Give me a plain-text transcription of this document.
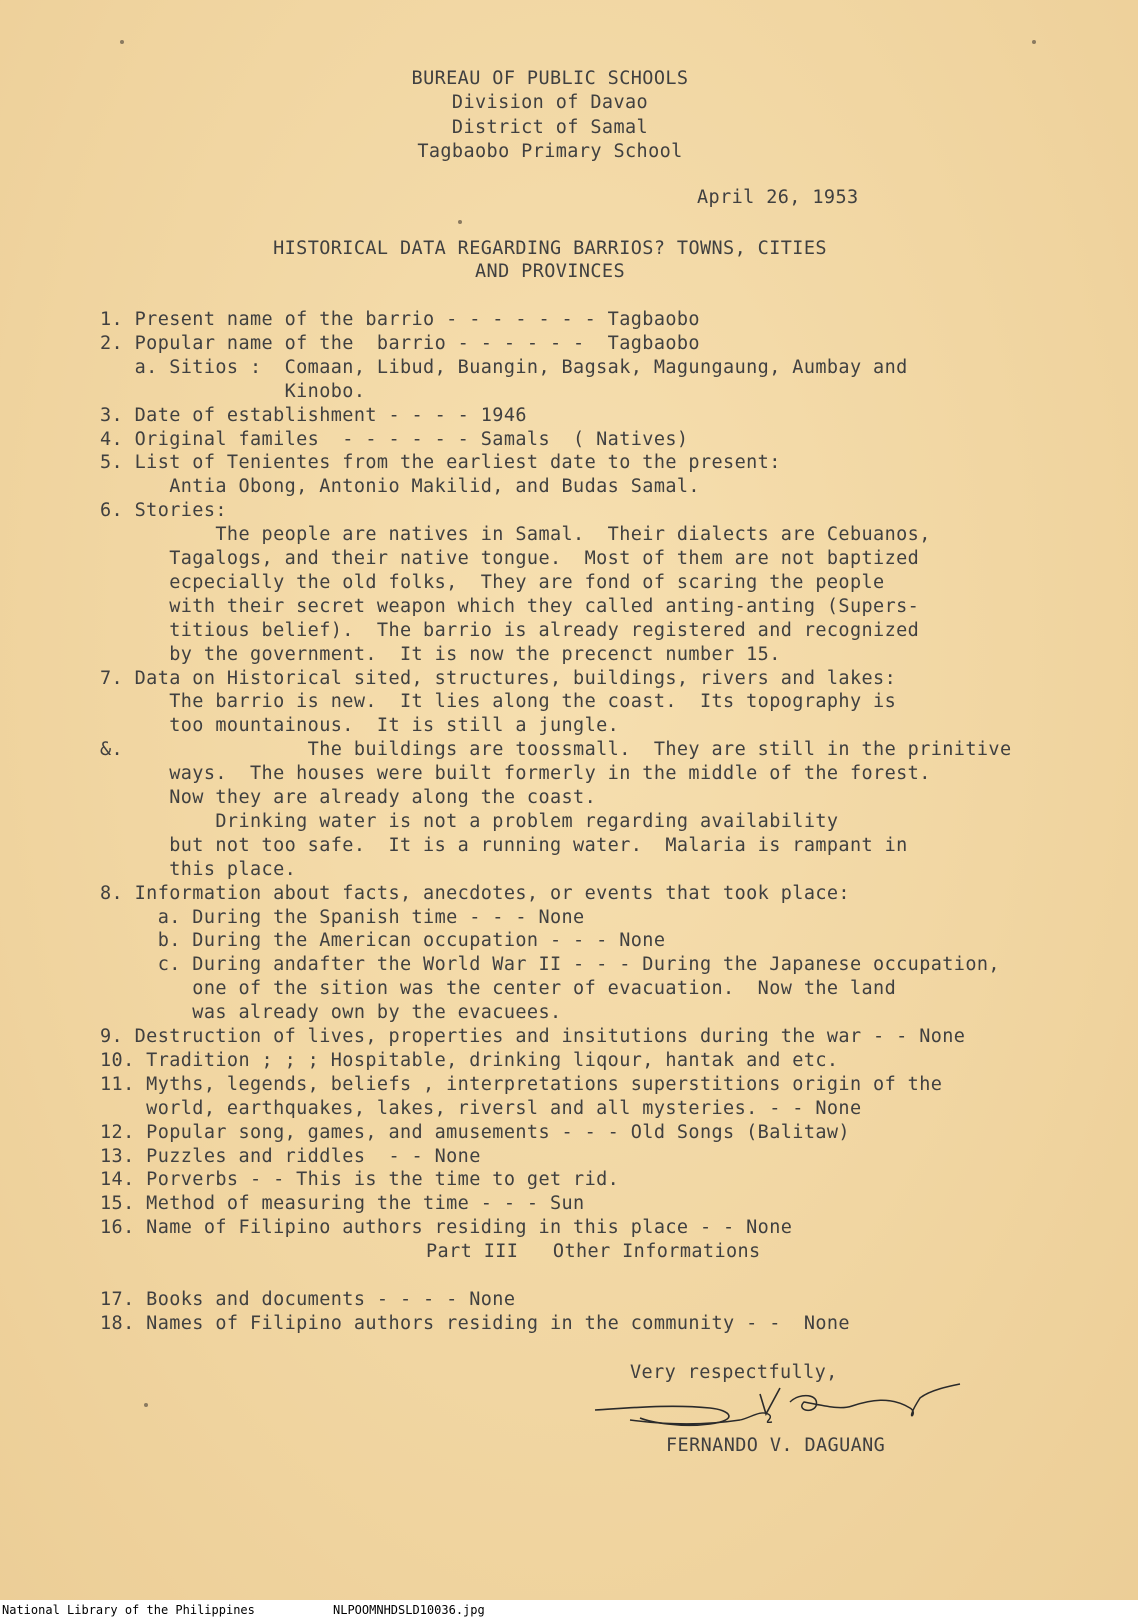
BUREAU OF PUBLIC SCHOOLS
Division of Davao
District of Samal
Tagbaobo Primary School
April 26, 1953
HISTORICAL DATA REGARDING BARRIOS? TOWNS, CITIES
AND PROVINCES
1. Present name of the barrio - - - - - - - Tagbaobo
2. Popular name of the  barrio - - - - - -  Tagbaobo
a. Sitios :  Comaan, Libud, Buangin, Bagsak, Magungaung, Aumbay and
Kinobo.
3. Date of establishment - - - - 1946
4. Original familes  - - - - - - Samals  ( Natives)
5. List of Tenientes from the earliest date to the present:
Antia Obong, Antonio Makilid, and Budas Samal.
6. Stories:
The people are natives in Samal.  Their dialects are Cebuanos,
Tagalogs, and their native tongue.  Most of them are not baptized
ecpecially the old folks,  They are fond of scaring the people
with their secret weapon which they called anting-anting (Supers-
titious belief).  The barrio is already registered and recognized
by the government.  It is now the precenct number 15.
7. Data on Historical sited, structures, buildings, rivers and lakes:
The barrio is new.  It lies along the coast.  Its topography is
too mountainous.  It is still a jungle.
&.                The buildings are toossmall.  They are still in the prinitive
ways.  The houses were built formerly in the middle of the forest.
Now they are already along the coast.
Drinking water is not a problem regarding availability
but not too safe.  It is a running water.  Malaria is rampant in
this place.
8. Information about facts, anecdotes, or events that took place:
a. During the Spanish time - - - None
b. During the American occupation - - - None
c. During andafter the World War II - - - During the Japanese occupation,
one of the sition was the center of evacuation.  Now the land
was already own by the evacuees.
9. Destruction of lives, properties and insitutions during the war - - None
10. Tradition ; ; ; Hospitable, drinking liqour, hantak and etc.
11. Myths, legends, beliefs , interpretations superstitions origin of the
world, earthquakes, lakes, riversl and all mysteries. - - None
12. Popular song, games, and amusements - - - Old Songs (Balitaw)
13. Puzzles and riddles  - - None
14. Porverbs - - This is the time to get rid.
15. Method of measuring the time - - - Sun
16. Name of Filipino authors residing in this place - - None
Part III   Other Informations
17. Books and documents - - - - None
18. Names of Filipino authors residing in the community - -  None
Very respectfully,
FERNANDO V. DAGUANG
National Library of the Philippines	NLPOOMNHDSLD10036.jpg
